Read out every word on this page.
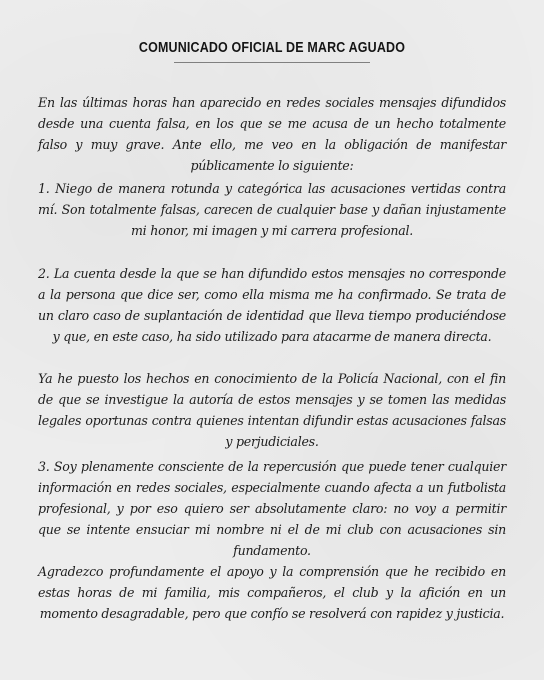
COMUNICADO OFICIAL DE MARC AGUADO
En las últimas horas han aparecido en redes sociales mensajes difundidos desde una cuenta falsa, en los que se me acusa de un hecho totalmente falso y muy grave. Ante ello, me veo en la obligación de manifestar públicamente lo siguiente:
1. Niego de manera rotunda y categórica las acusaciones vertidas contra mí. Son totalmente falsas, carecen de cualquier base y dañan injustamente mi honor, mi imagen y mi carrera profesional.
2. La cuenta desde la que se han difundido estos mensajes no corresponde a la persona que dice ser, como ella misma me ha confirmado. Se trata de un claro caso de suplantación de identidad que lleva tiempo produciéndose y que, en este caso, ha sido utilizado para atacarme de manera directa.
Ya he puesto los hechos en conocimiento de la Policía Nacional, con el fin de que se investigue la autoría de estos mensajes y se tomen las medidas legales oportunas contra quienes intentan difundir estas acusaciones falsas y perjudiciales.
3. Soy plenamente consciente de la repercusión que puede tener cualquier información en redes sociales, especialmente cuando afecta a un futbolista profesional, y por eso quiero ser absolutamente claro: no voy a permitir que se intente ensuciar mi nombre ni el de mi club con acusaciones sin fundamento.
Agradezco profundamente el apoyo y la comprensión que he recibido en estas horas de mi familia, mis compañeros, el club y la afición en un momento desagradable, pero que confío se resolverá con rapidez y justicia.
